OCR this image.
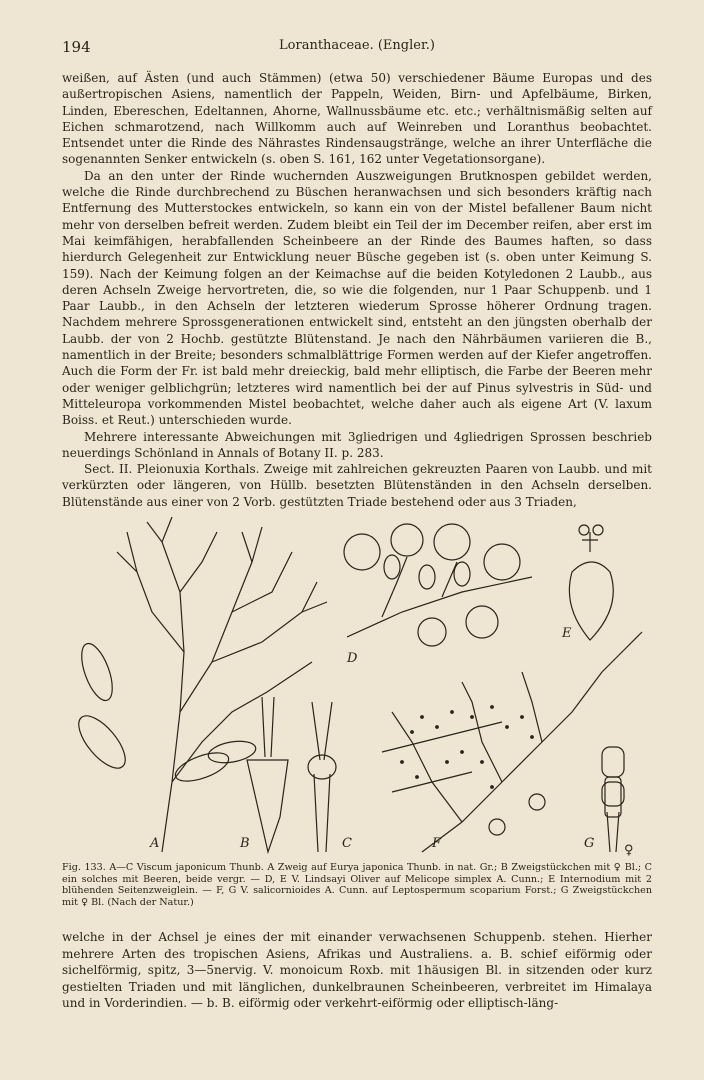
194	Loranthaceae. (Engler.)

weißen, auf Ästen (und auch Stämmen) (etwa 50) verschiedener Bäume Europas und des außertropischen Asiens, namentlich der Pappeln, Weiden, Birn- und Apfelbäume, Birken, Linden, Ebereschen, Edeltannen, Ahorne, Wallnussbäume etc. etc.; verhältnismäßig selten auf Eichen schmarotzend, nach Willkomm auch auf Weinreben und Loranthus beobachtet. Entsendet unter die Rinde des Nährastes Rindensaugstränge, welche an ihrer Unterfläche die sogenannten Senker entwickeln (s. oben S. 161, 162 unter Vegetationsorgane).

Da an den unter der Rinde wuchernden Auszweigungen Brutknospen gebildet werden, welche die Rinde durchbrechend zu Büschen heranwachsen und sich besonders kräftig nach Entfernung des Mutterstockes entwickeln, so kann ein von der Mistel befallener Baum nicht mehr von derselben befreit werden. Zudem bleibt ein Teil der im December reifen, aber erst im Mai keimfähigen, herabfallenden Scheinbeere an der Rinde des Baumes haften, so dass hierdurch Gelegenheit zur Entwicklung neuer Büsche gegeben ist (s. oben unter Keimung S. 159). Nach der Keimung folgen an der Keimachse auf die beiden Kotyledonen 2 Laubb., aus deren Achseln Zweige hervortreten, die, so wie die folgenden, nur 1 Paar Schuppenb. und 1 Paar Laubb., in den Achseln der letzteren wiederum Sprosse höherer Ordnung tragen. Nachdem mehrere Sprossgenerationen entwickelt sind, entsteht an den jüngsten oberhalb der Laubb. der von 2 Hochb. gestützte Blütenstand. Je nach den Nährbäumen variieren die B., namentlich in der Breite; besonders schmalblättrige Formen werden auf der Kiefer angetroffen. Auch die Form der Fr. ist bald mehr dreieckig, bald mehr elliptisch, die Farbe der Beeren mehr oder weniger gelblichgrün; letzteres wird namentlich bei der auf Pinus sylvestris in Süd- und Mitteleuropa vorkommenden Mistel beobachtet, welche daher auch als eigene Art (V. laxum Boiss. et Reut.) unterschieden wurde.

Mehrere interessante Abweichungen mit 3gliedrigen und 4gliedrigen Sprossen beschrieb neuerdings Schönland in Annals of Botany II. p. 283.

Sect. II. Pleionuxia Korthals. Zweige mit zahlreichen gekreuzten Paaren von Laubb. und mit verkürzten oder längeren, von Hüllb. besetzten Blütenständen in den Achseln derselben. Blütenstände aus einer von 2 Vorb. gestützten Triade bestehend oder aus 3 Triaden,

A	B	C
D
E
F	G ♀

Fig. 133. A—C Viscum japonicum Thunb. A Zweig auf Eurya japonica Thunb. in nat. Gr.; B Zweigstückchen mit ♀ Bl.; C ein solches mit Beeren, beide vergr. — D, E V. Lindsayi Oliver auf Melicope simplex A. Cunn.; E Internodium mit 2 blühenden Seitenzweiglein. — F, G V. salicornioides A. Cunn. auf Leptospermum scoparium Forst.; G Zweigstückchen mit ♀ Bl. (Nach der Natur.)

welche in der Achsel je eines der mit einander verwachsenen Schuppenb. stehen. Hierher mehrere Arten des tropischen Asiens, Afrikas und Australiens. a. B. schief eiförmig oder sichelförmig, spitz, 3—5nervig. V. monoicum Roxb. mit 1häusigen Bl. in sitzenden oder kurz gestielten Triaden und mit länglichen, dunkelbraunen Scheinbeeren, verbreitet im Himalaya und in Vorderindien. — b. B. eiförmig oder verkehrt-eiförmig oder elliptisch-läng-
